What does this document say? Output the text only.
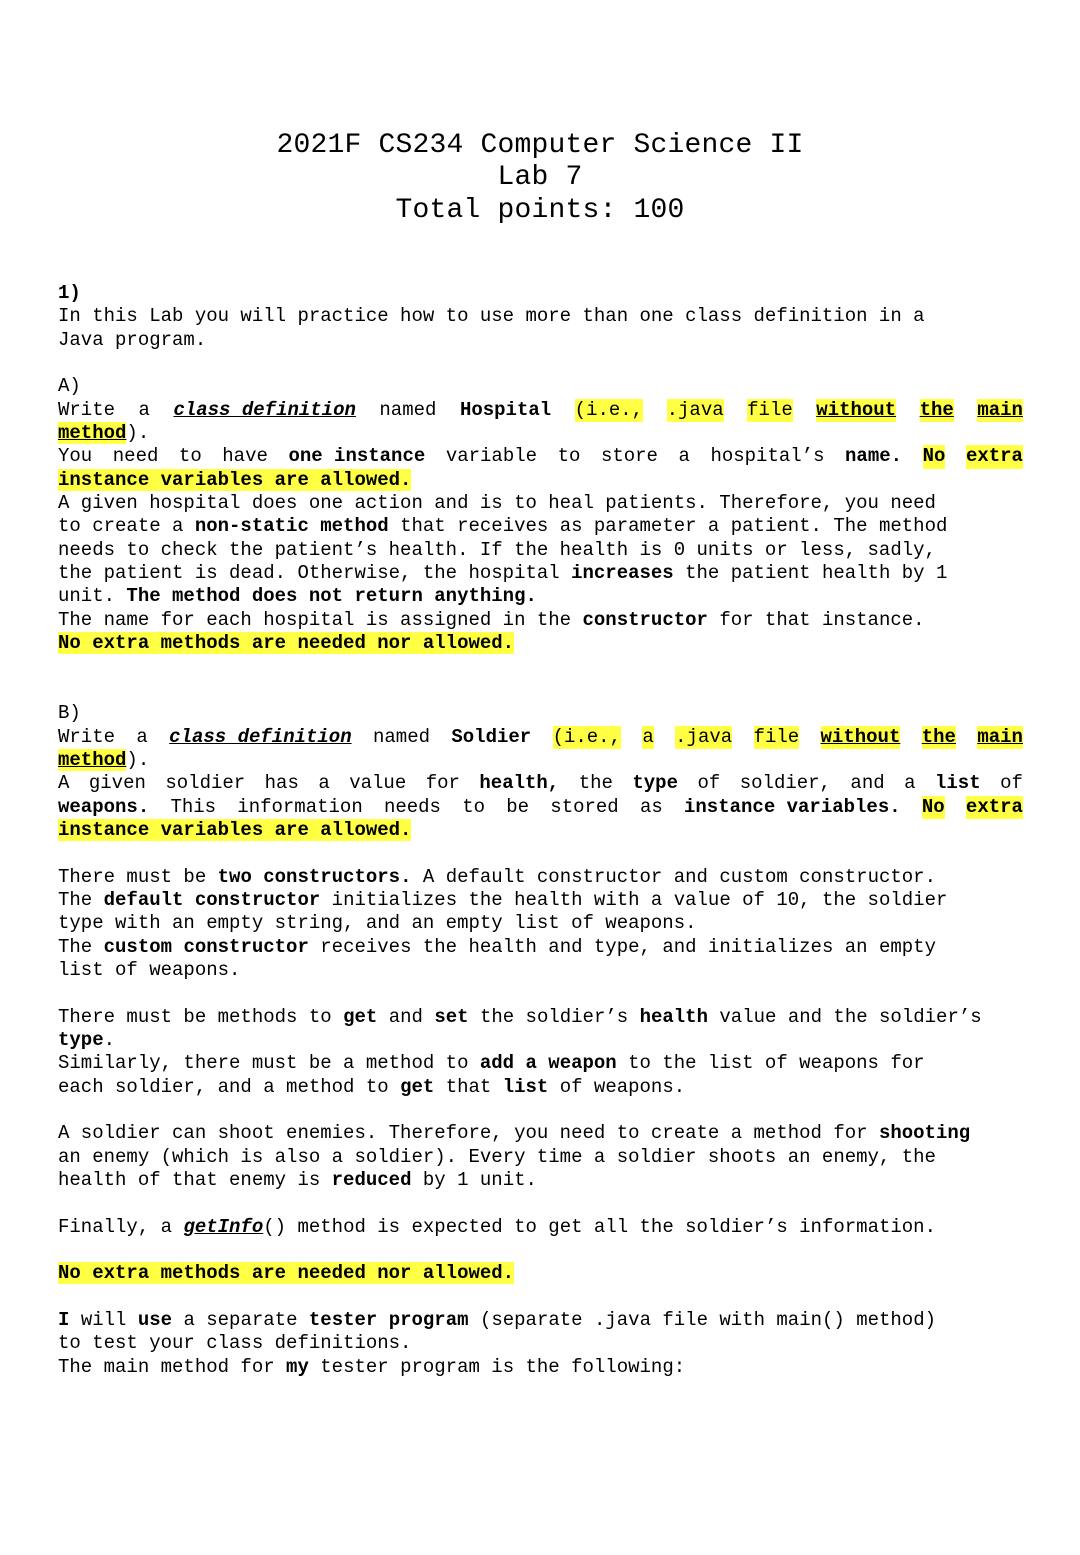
2021F CS234 Computer Science II
Lab 7
Total points: 100
1)
In this Lab you will practice how to use more than one class definition in a
Java program.

A)
Write a class definition named Hospital (i.e., .java file without the main
method).
You need to have one instance variable to store a hospital’s name. No extra
instance variables are allowed.
A given hospital does one action and is to heal patients. Therefore, you need
to create a non-static method that receives as parameter a patient. The method
needs to check the patient’s health. If the health is 0 units or less, sadly,
the patient is dead. Otherwise, the hospital increases the patient health by 1
unit. The method does not return anything.
The name for each hospital is assigned in the constructor for that instance.
No extra methods are needed nor allowed.

B)
Write a class definition named Soldier (i.e., a .java file without the main
method).
A given soldier has a value for health, the type of soldier, and a list of
weapons. This information needs to be stored as instance variables. No extra
instance variables are allowed.

There must be two constructors. A default constructor and custom constructor.
The default constructor initializes the health with a value of 10, the soldier
type with an empty string, and an empty list of weapons.
The custom constructor receives the health and type, and initializes an empty
list of weapons.

There must be methods to get and set the soldier’s health value and the soldier’s
type.
Similarly, there must be a method to add a weapon to the list of weapons for
each soldier, and a method to get that list of weapons.

A soldier can shoot enemies. Therefore, you need to create a method for shooting
an enemy (which is also a soldier). Every time a soldier shoots an enemy, the
health of that enemy is reduced by 1 unit.

Finally, a getInfo() method is expected to get all the soldier’s information.

No extra methods are needed nor allowed.

I will use a separate tester program (separate .java file with main() method)
to test your class definitions.
The main method for my tester program is the following:
